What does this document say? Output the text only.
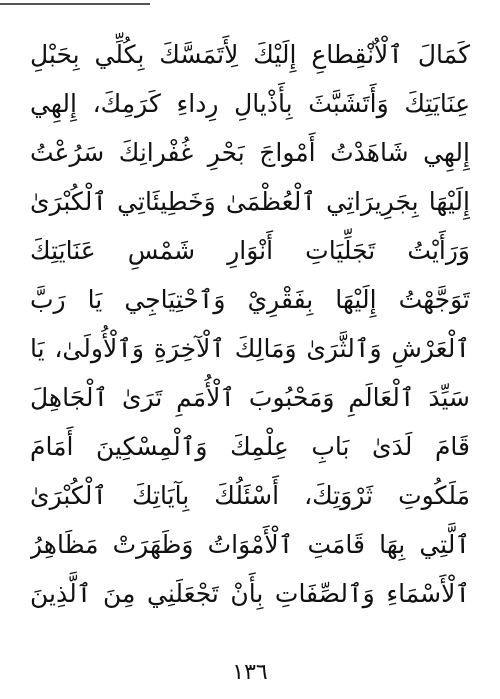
كَمَالَ ٱلْاٌنْقِطاعِ إِلَيْكَ لِأَتَمَسَّكَ بِكُلِّي بِحَبْلِ
عِنَايَتِكَ وَأَتَشَبَّثَ بِأَذْيالِ رِداءِ كَرَمِكَ، إِلهِي
إِلهِي شَاهَدْتُ أَمْواجَ بَحْرِ غُفْرانِكَ سَرُعْتُ
إِلَيْهَا بِجَرِيرَاتِي ٱلْعُظْمَىٰ وَخَطِيئَاتِي ٱلْكُبْرَىٰ
وَرَأَيْتُ تَجَلِّيَاتِ أَنْوَارِ شَمْسِ عَنَايَتِكَ
تَوَجَّهْتُ إِلَيْهَا بِفَقْرِيْ وَٱحْتِيَاجِي يَا رَبَّ
ٱلْعَرْشِ وَٱلثَّرَىٰ وَمَالِكَ ٱلْآخِرَةِ وَٱلْأُولَىٰ، يَا
سَيِّدَ ٱلْعَالَمِ وَمَحْبُوبَ ٱلْأُمَمِ تَرَىٰ ٱلْجَاهِلَ
قَامَ لَدَىٰ بَابِ عِلْمِكَ وَٱلْمِسْكِينَ أَمَامَ
مَلَكُوتِ ثَرْوَتِكَ، أَسْئَلُكَ بِآيَاتِكَ ٱلْكُبْرَىٰ
ٱلَّتِي بِهَا قَامَتِ ٱلْأَمْوَاتُ وَظَهَرَتْ مَظَاهِرُ
ٱلْأَسْمَاءِ وَٱلصِّفَاتِ بِأَنْ تَجْعَلَنِي مِنَ ٱلَّذِينَ
١٣٦
